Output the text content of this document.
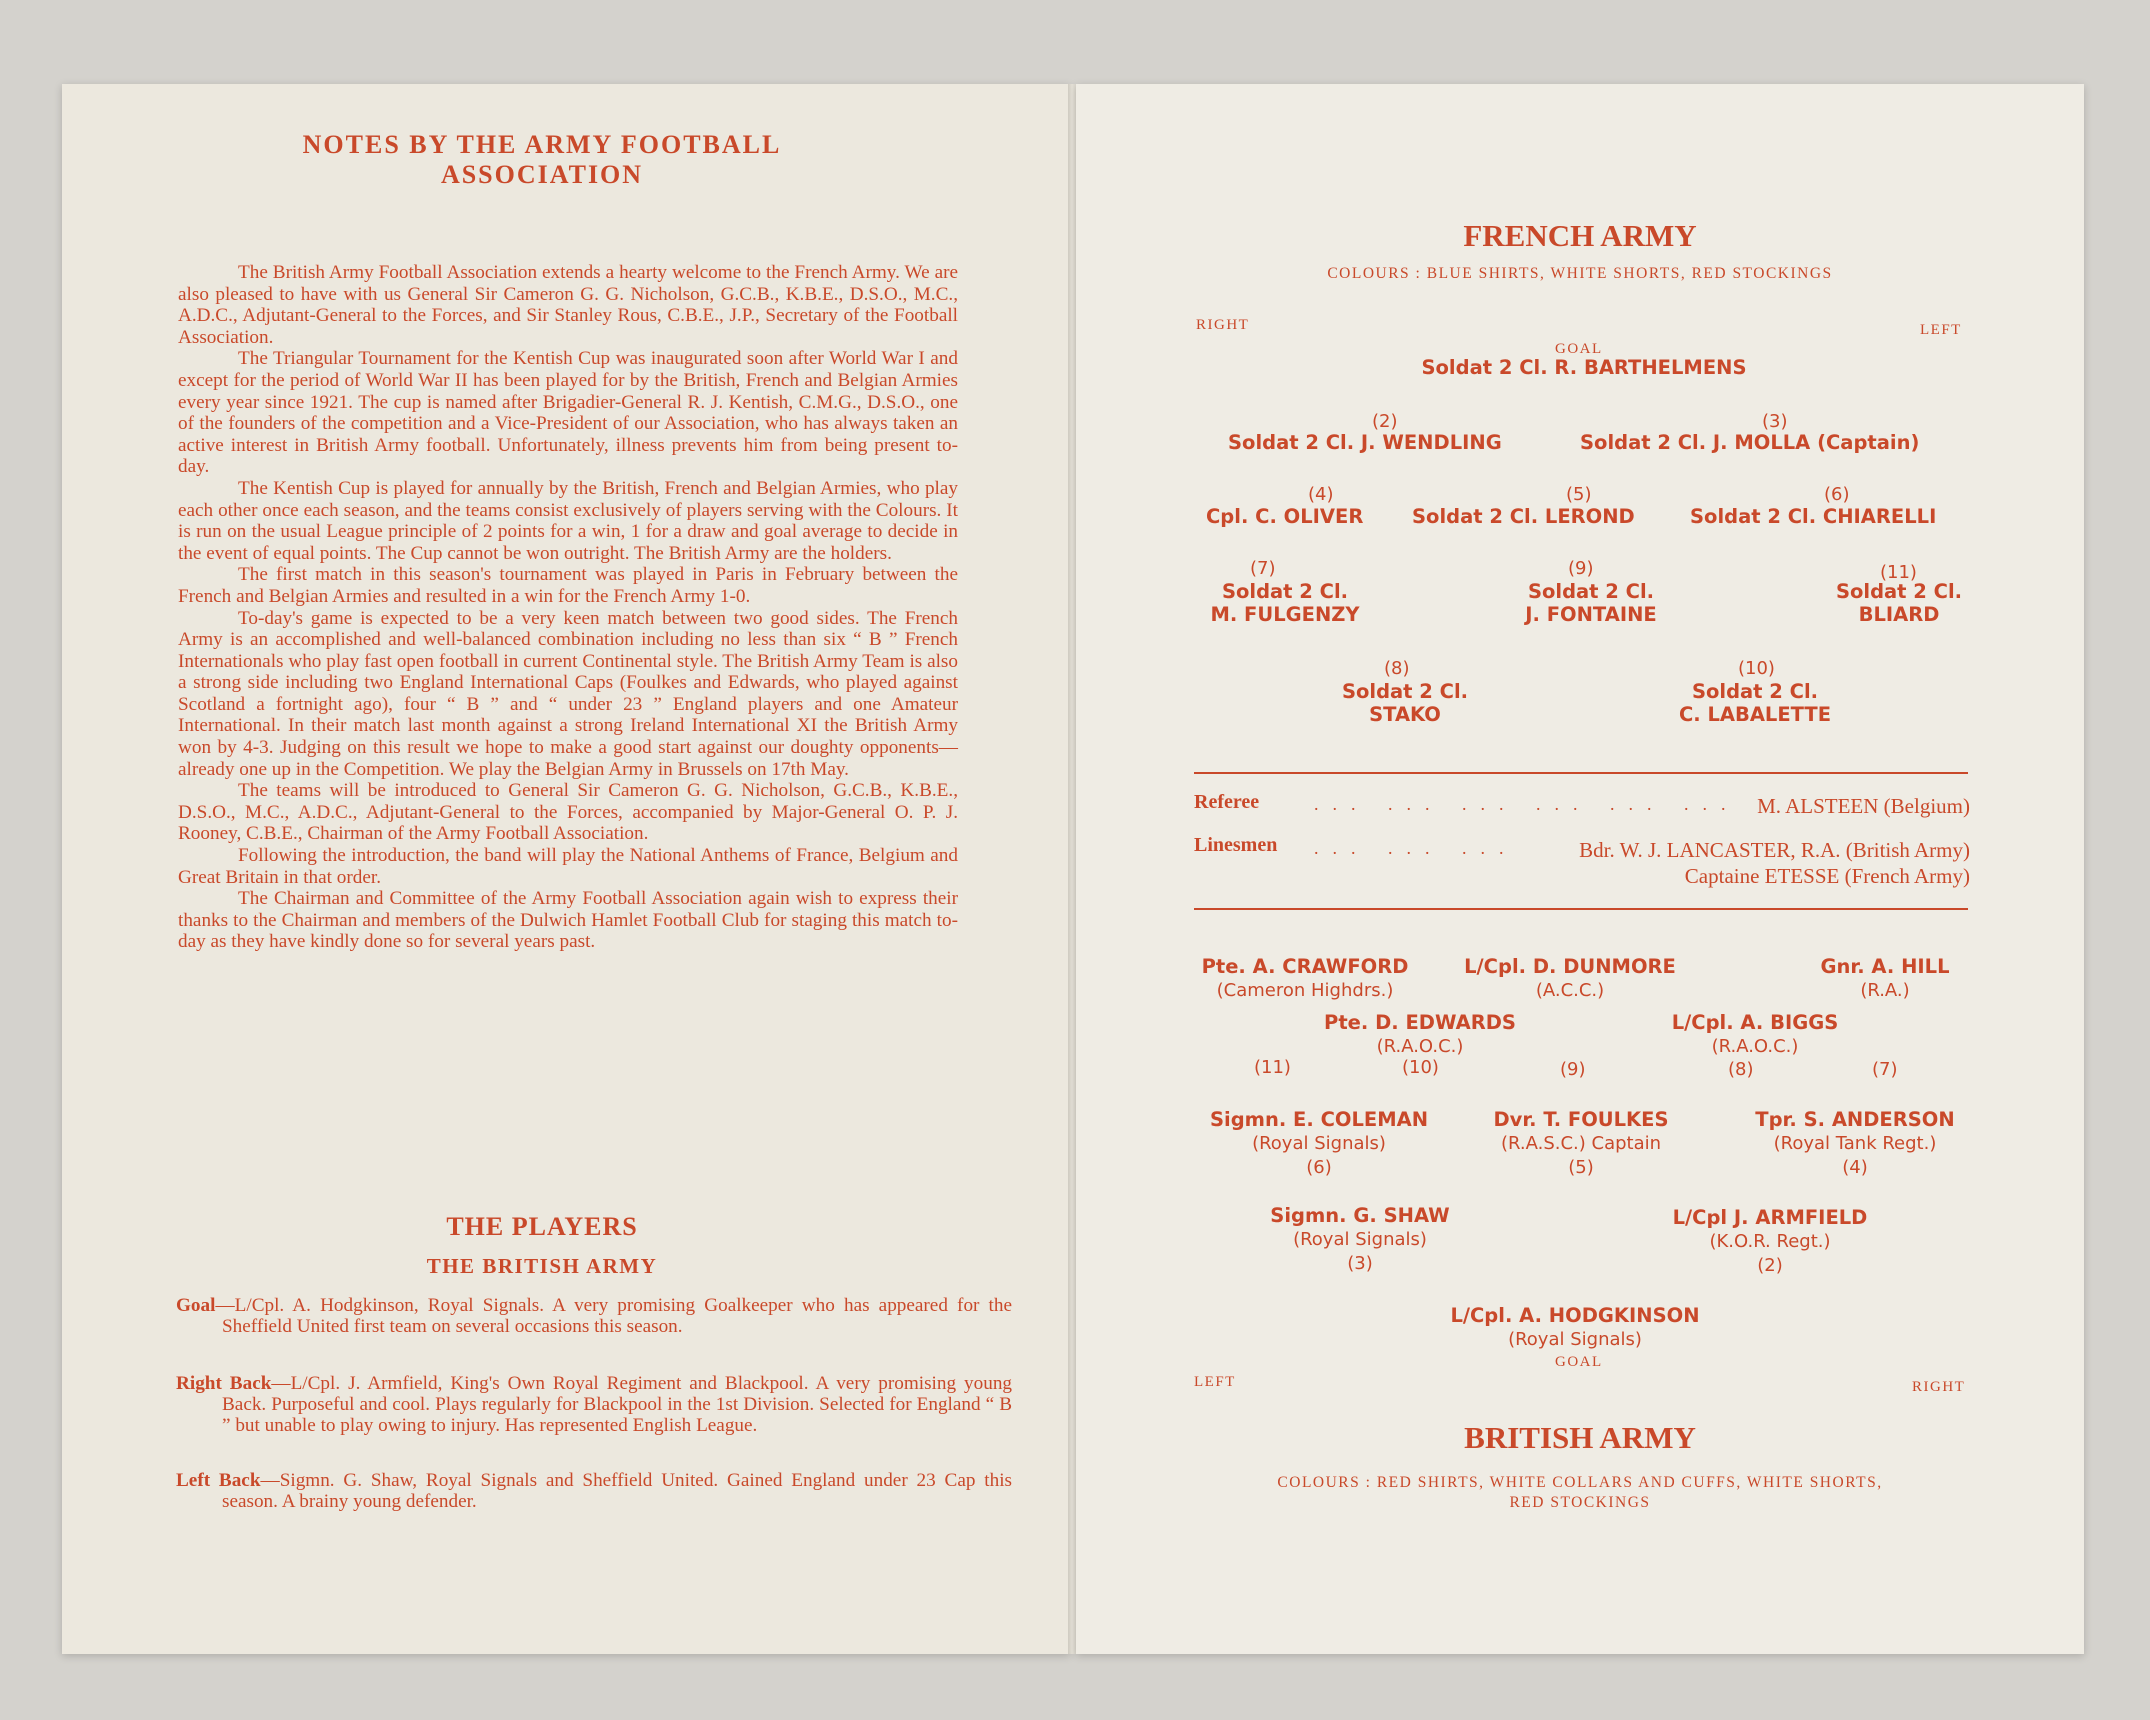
NOTES BY THE ARMY FOOTBALL ASSOCIATION

The British Army Football Association extends a hearty welcome to the French Army. We are also pleased to have with us General Sir Cameron G. G. Nicholson, G.C.B., K.B.E., D.S.O., M.C., A.D.C., Adjutant-General to the Forces, and Sir Stanley Rous, C.B.E., J.P., Secretary of the Football Association.

The Triangular Tournament for the Kentish Cup was inaugurated soon after World War I and except for the period of World War II has been played for by the British, French and Belgian Armies every year since 1921. The cup is named after Brigadier-General R. J. Kentish, C.M.G., D.S.O., one of the founders of the competition and a Vice-President of our Association, who has always taken an active interest in British Army football. Unfortunately, illness prevents him from being present to-day.

The Kentish Cup is played for annually by the British, French and Belgian Armies, who play each other once each season, and the teams consist exclusively of players serving with the Colours. It is run on the usual League principle of 2 points for a win, 1 for a draw and goal average to decide in the event of equal points. The Cup cannot be won outright. The British Army are the holders.

The first match in this season's tournament was played in Paris in February between the French and Belgian Armies and resulted in a win for the French Army 1-0.

To-day's game is expected to be a very keen match between two good sides. The French Army is an accomplished and well-balanced combination including no less than six “ B ” French Internationals who play fast open football in current Continental style. The British Army Team is also a strong side including two England International Caps (Foulkes and Edwards, who played against Scotland a fortnight ago), four “ B ” and “ under 23 ” England players and one Amateur International. In their match last month against a strong Ireland International XI the British Army won by 4-3. Judging on this result we hope to make a good start against our doughty opponents—already one up in the Competition. We play the Belgian Army in Brussels on 17th May.

The teams will be introduced to General Sir Cameron G. G. Nicholson, G.C.B., K.B.E., D.S.O., M.C., A.D.C., Adjutant-General to the Forces, accompanied by Major-General O. P. J. Rooney, C.B.E., Chairman of the Army Football Association.

Following the introduction, the band will play the National Anthems of France, Belgium and Great Britain in that order.

The Chairman and Committee of the Army Football Association again wish to express their thanks to the Chairman and members of the Dulwich Hamlet Football Club for staging this match to-day as they have kindly done so for several years past.

THE PLAYERS
THE BRITISH ARMY

Goal—L/Cpl. A. Hodgkinson, Royal Signals. A very promising Goalkeeper who has appeared for the Sheffield United first team on several occasions this season.

Right Back—L/Cpl. J. Armfield, King's Own Royal Regiment and Blackpool. A very promising young Back. Purposeful and cool. Plays regularly for Blackpool in the 1st Division. Selected for England “ B ” but unable to play owing to injury. Has represented English League.

Left Back—Sigmn. G. Shaw, Royal Signals and Sheffield United. Gained England under 23 Cap this season. A brainy young defender.

FRENCH ARMY

COLOURS : BLUE SHIRTS, WHITE SHORTS, RED STOCKINGS

RIGHT	LEFT
GOAL
Soldat 2 Cl. R. BARTHELMENS
(2)
Soldat 2 Cl. J. WENDLING
(3)
Soldat 2 Cl. J. MOLLA (Captain)
(4)
Cpl. C. OLIVER
(5)
Soldat 2 Cl. LEROND
(6)
Soldat 2 Cl. CHIARELLI
(7)
Soldat 2 Cl.
M. FULGENZY
(9)
Soldat 2 Cl.
J. FONTAINE
(11)
Soldat 2 Cl.
BLIARD
(8)
Soldat 2 Cl.
STAKO
(10)
Soldat 2 Cl.
C. LABALETTE
Referee	... ... ... ... ... ... M. ALSTEEN (Belgium)
Linesmen ... ... ...	Bdr. W. J. LANCASTER, R.A. (British Army)
Captaine ETESSE (French Army)
Pte. A. CRAWFORD
(Cameron Highdrs.)
L/Cpl. D. DUNMORE
(A.C.C.)
Gnr. A. HILL
(R.A.)
Pte. D. EDWARDS
(R.A.O.C.)
L/Cpl. A. BIGGS
(R.A.O.C.)
(11)	(10)	(9)	(8)	(7)
Sigmn. E. COLEMAN
(Royal Signals)
(6)
Dvr. T. FOULKES
(R.A.S.C.) Captain
(5)
Tpr. S. ANDERSON
(Royal Tank Regt.)
(4)
Sigmn. G. SHAW
(Royal Signals)
(3)
L/Cpl J. ARMFIELD
(K.O.R. Regt.)
(2)
L/Cpl. A. HODGKINSON
(Royal Signals)
GOAL
LEFT	RIGHT
BRITISH ARMY

COLOURS : RED SHIRTS, WHITE COLLARS AND CUFFS, WHITE SHORTS,

RED STOCKINGS
